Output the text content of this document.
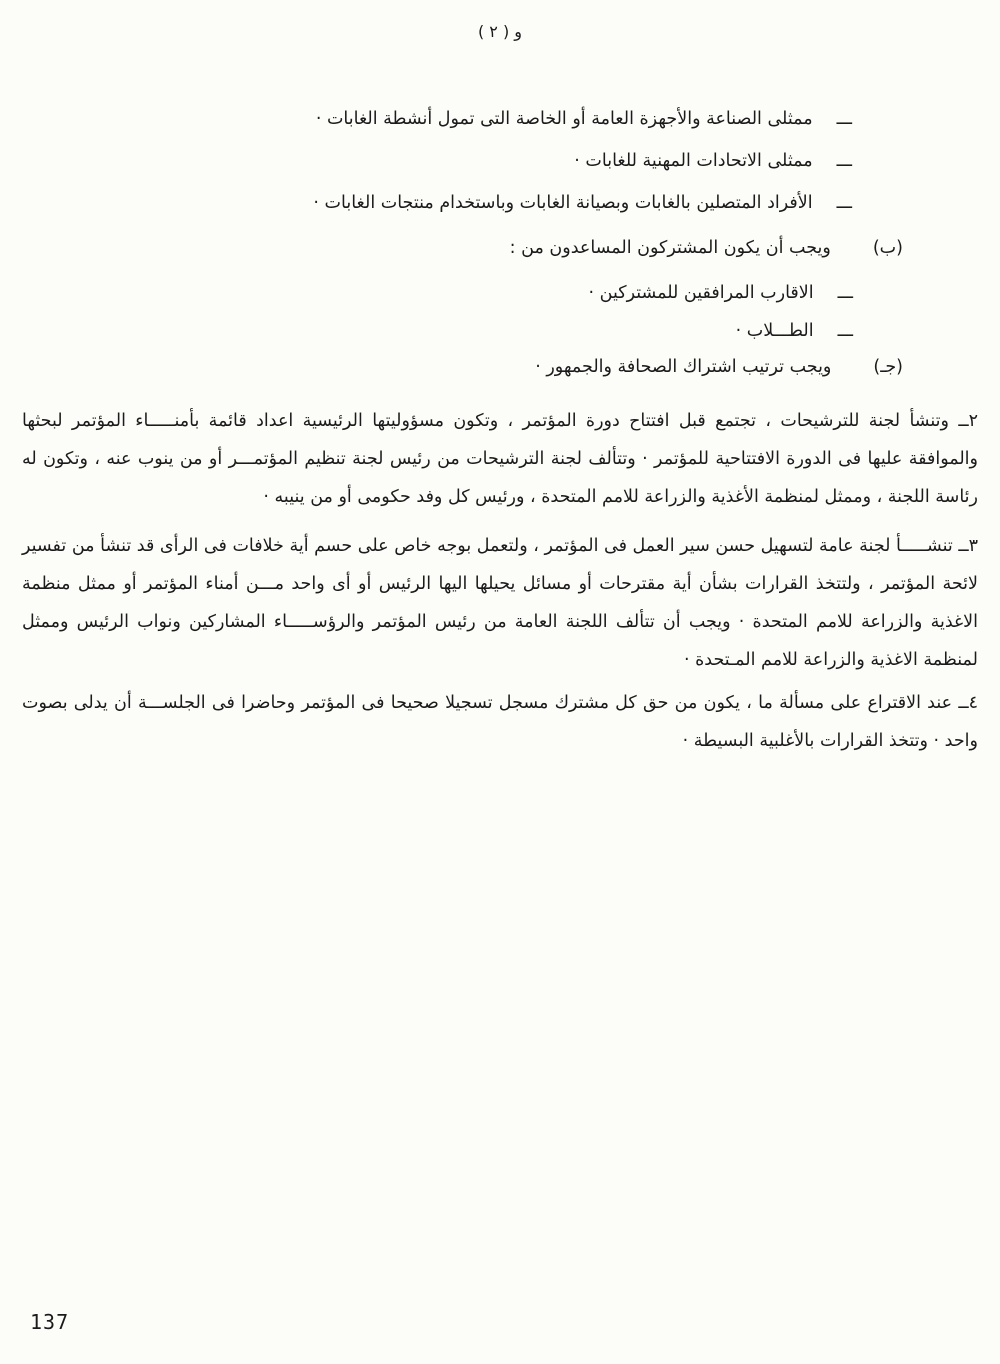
و ( ٢ )
ـــ
ممثلى الصناعة والأجهزة العامة أو الخاصة التى تمول أنشطة الغابات ·
ـــ
ممثلى الاتحادات المهنية للغابات ·
ـــ
الأفراد المتصلين بالغابات وبصيانة الغابات وباستخدام منتجات الغابات ·
(ب)
ويجب أن يكون المشتركون المساعدون من :
ـــ
الاقارب المرافقين للمشتركين ·
ـــ
الطـــلاب ·
(جـ)
ويجب ترتيب اشتراك الصحافة والجمهور ·

٢ــ وتنشأ لجنة للترشيحات ، تجتمع قبل افتتاح دورة المؤتمر ، وتكون مسؤوليتها الرئيسية اعداد قائمة بأمنـــــاء المؤتمر لبحثها والموافقة عليها فى الدورة الافتتاحية للمؤتمر · وتتألف لجنة الترشيحات من رئيس لجنة تنظيم المؤتمـــر أو من ينوب عنه ، وتكون له رئاسة اللجنة ، وممثل لمنظمة الأغذية والزراعة للامم المتحدة ، ورئيس كل وفد حكومى أو من ينيبه ·

٣ــ تنشـــــأ لجنة عامة لتسهيل حسن سير العمل فى المؤتمر ، ولتعمل بوجه خاص على حسم أية خلافات فى الرأى قد تنشأ من تفسير لائحة المؤتمر ، ولتتخذ القرارات بشأن أية مقترحات أو مسائل يحيلها اليها الرئيس أو أى واحد مـــن أمناء المؤتمر أو ممثل منظمة الاغذية والزراعة للامم المتحدة · ويجب أن تتألف اللجنة العامة من رئيس المؤتمر والرؤســـــاء المشاركين ونواب الرئيس وممثل لمنظمة الاغذية والزراعة للامم المـتحدة ·

٤ــ عند الاقتراع على مسألة ما ، يكون من حق كل مشترك مسجل تسجيلا صحيحا فى المؤتمر وحاضرا فى الجلســـة أن يدلى بصوت واحد · وتتخذ القرارات بالأغلبية البسيطة ·

137
